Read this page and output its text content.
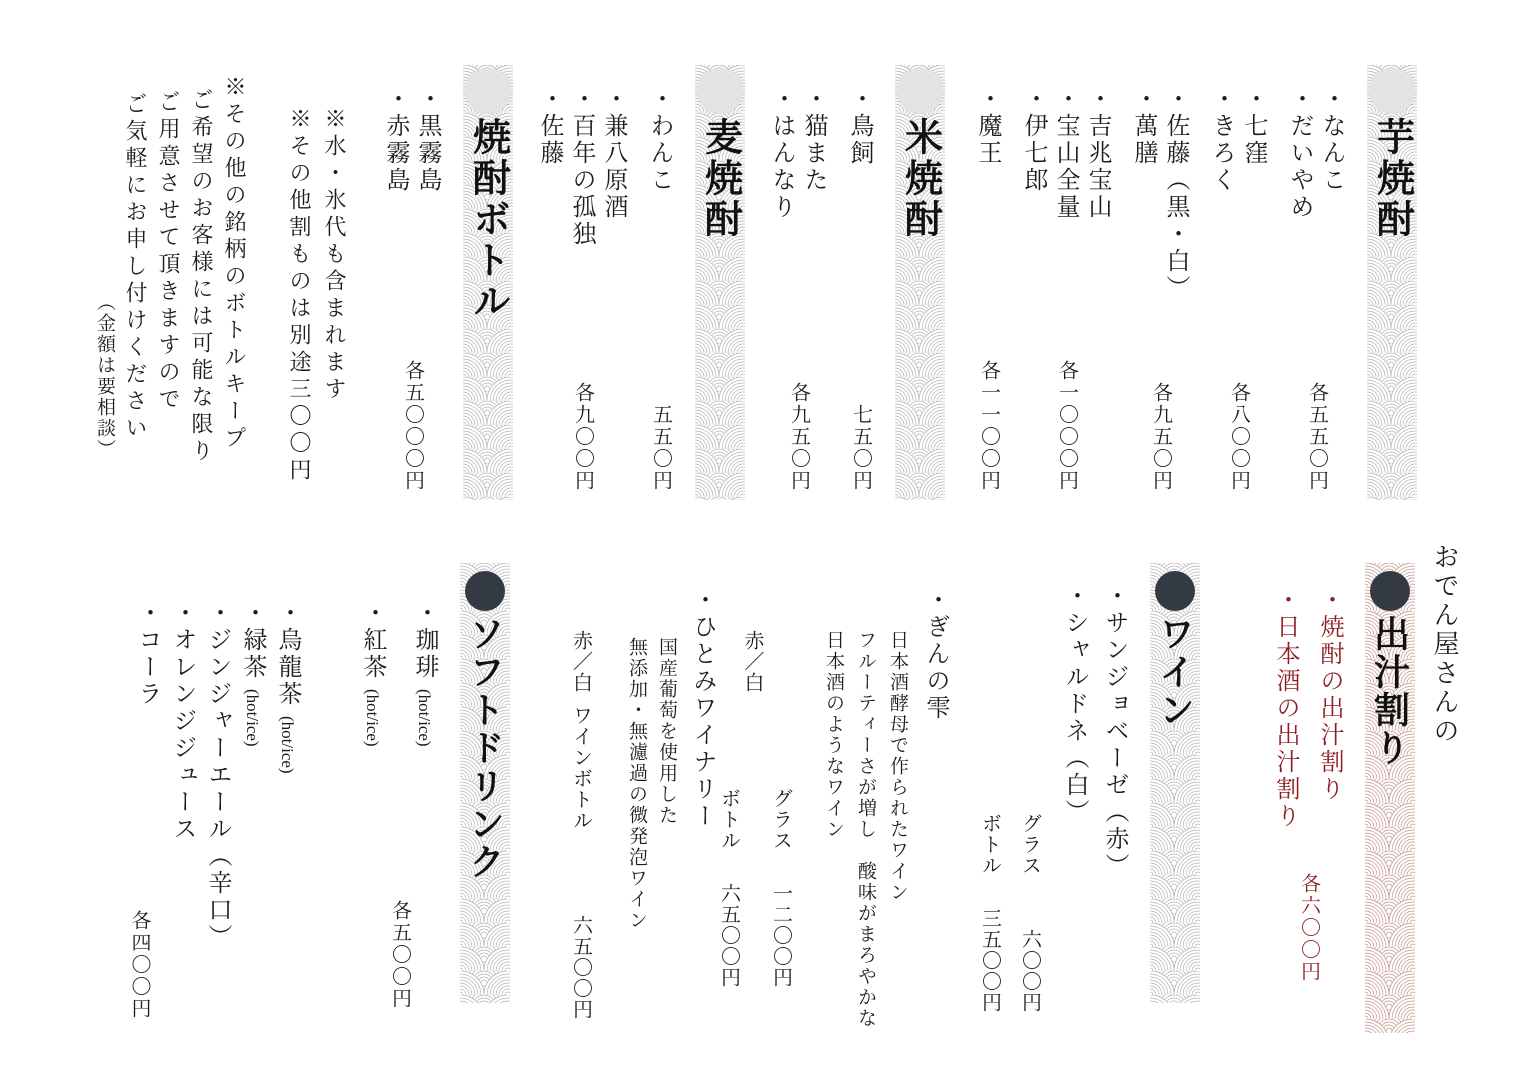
芋焼酎
・なんこ
・だいやめ
各五五〇円
・七窪
・きろく
各八〇〇円
・佐藤（黒・白）
・萬膳
各九五〇円
・吉兆宝山
・宝山全量
・伊七郎
各一〇〇〇円
・魔王
各一一〇〇円
米焼酎
・鳥飼
七五〇円
・猫また
・はんなり
各九五〇円
麦焼酎
・わんこ
五五〇円
・兼八原酒
・百年の孤独
・佐藤
各九〇〇円
焼酎ボトル
・黒霧島
・赤霧島
各五〇〇〇円
※水・氷代も含まれます
※その他割ものは別途三〇〇円
※その他の銘柄のボトルキープ
ご希望のお客様には可能な限り
ご用意させて頂きますので
ご気軽にお申し付けください
（金額は要相談）
おでん屋さんの
出汁割り
・焼酎の出汁割り
・日本酒の出汁割り
各六〇〇円
ワイン
・サンジョベーゼ（赤）
・シャルドネ（白）
グラス
六〇〇円
ボトル
三五〇〇円
・ぎんの雫
日本酒酵母で作られたワイン
フルーティーさが増し　酸味がまろやかな
日本酒のようなワイン
グラス
一二〇〇円
赤／白
ボトル
六五〇〇円
・ひとみワイナリー
国産葡萄を使用した
無添加・無濾過の微発泡ワイン
赤／白
ワインボトル
六五〇〇円
ソフトドリンク
・珈琲(hot/ice)
・紅茶(hot/ice)
各五〇〇円
・烏龍茶(hot/ice)
・緑茶(hot/ice)
・ジンジャーエール（辛口）
・オレンジジュース
・コーラ
各四〇〇円
